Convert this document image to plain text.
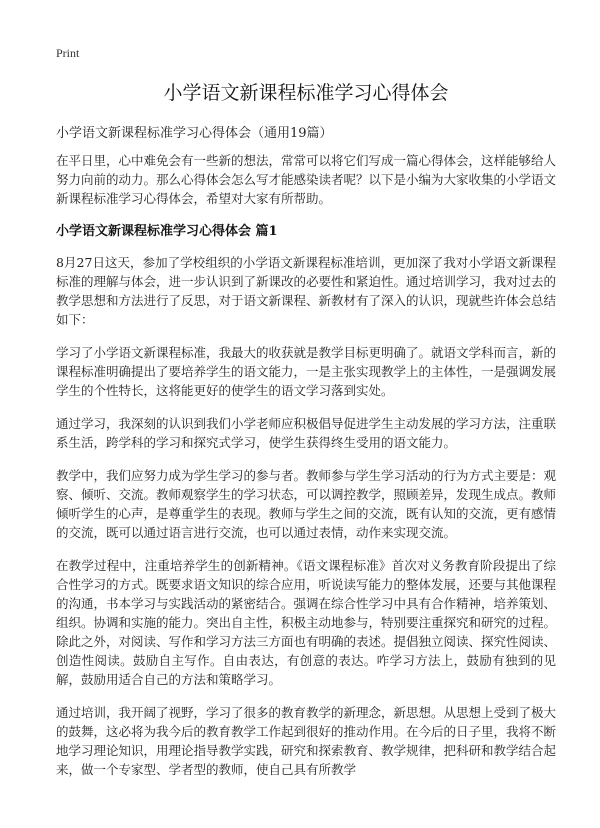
Print
小学语文新课程标准学习心得体会

小学语文新课程标准学习心得体会（通用19篇）

在平日里，心中难免会有一些新的想法，常常可以将它们写成一篇心得体会，这样能够给人努力向前的动力。那么心得体会怎么写才能感染读者呢？以下是小编为大家收集的小学语文新课程标准学习心得体会，希望对大家有所帮助。

小学语文新课程标准学习心得体会 篇1

8月27日这天，参加了学校组织的小学语文新课程标准培训，更加深了我对小学语文新课程标准的理解与体会，进一步认识到了新课改的必要性和紧迫性。通过培训学习，我对过去的教学思想和方法进行了反思，对于语文新课程、新教材有了深入的认识，现就些许体会总结如下：

学习了小学语文新课程标准，我最大的收获就是教学目标更明确了。就语文学科而言，新的课程标准明确提出了要培养学生的语文能力，一是主张实现教学上的主体性，一是强调发展学生的个性特长，这将能更好的使学生的语文学习落到实处。

通过学习，我深刻的认识到我们小学老师应积极倡导促进学生主动发展的学习方法，注重联系生活，跨学科的学习和探究式学习，使学生获得终生受用的语文能力。

教学中，我们应努力成为学生学习的参与者。教师参与学生学习活动的行为方式主要是：观察、倾听、交流。教师观察学生的学习状态，可以调控教学，照顾差异，发现生成点。教师倾听学生的心声，是尊重学生的表现。教师与学生之间的交流，既有认知的交流，更有感情的交流，既可以通过语言进行交流，也可以通过表情，动作来实现交流。

在教学过程中，注重培养学生的创新精神。《语文课程标准》首次对义务教育阶段提出了综合性学习的方式。既要求语文知识的综合应用，听说读写能力的整体发展，还要与其他课程的沟通，书本学习与实践活动的紧密结合。强调在综合性学习中具有合作精神，培养策划、组织。协调和实施的能力。突出自主性，积极主动地参与，特别要注重探究和研究的过程。除此之外，对阅读、写作和学习方法三方面也有明确的表述。提倡独立阅读、探究性阅读、创造性阅读。鼓励自主写作。自由表达，有创意的表达。咋学习方法上，鼓励有独到的见解，鼓励用适合自己的方法和策略学习。

通过培训，我开阔了视野，学习了很多的教育教学的新理念，新思想。从思想上受到了极大的鼓舞，这必将为我今后的教育教学工作起到很好的推动作用。在今后的日子里，我将不断地学习理论知识，用理论指导教学实践，研究和探索教育、教学规律，把科研和教学结合起来，做一个专家型、学者型的教师，使自己具有所教学
